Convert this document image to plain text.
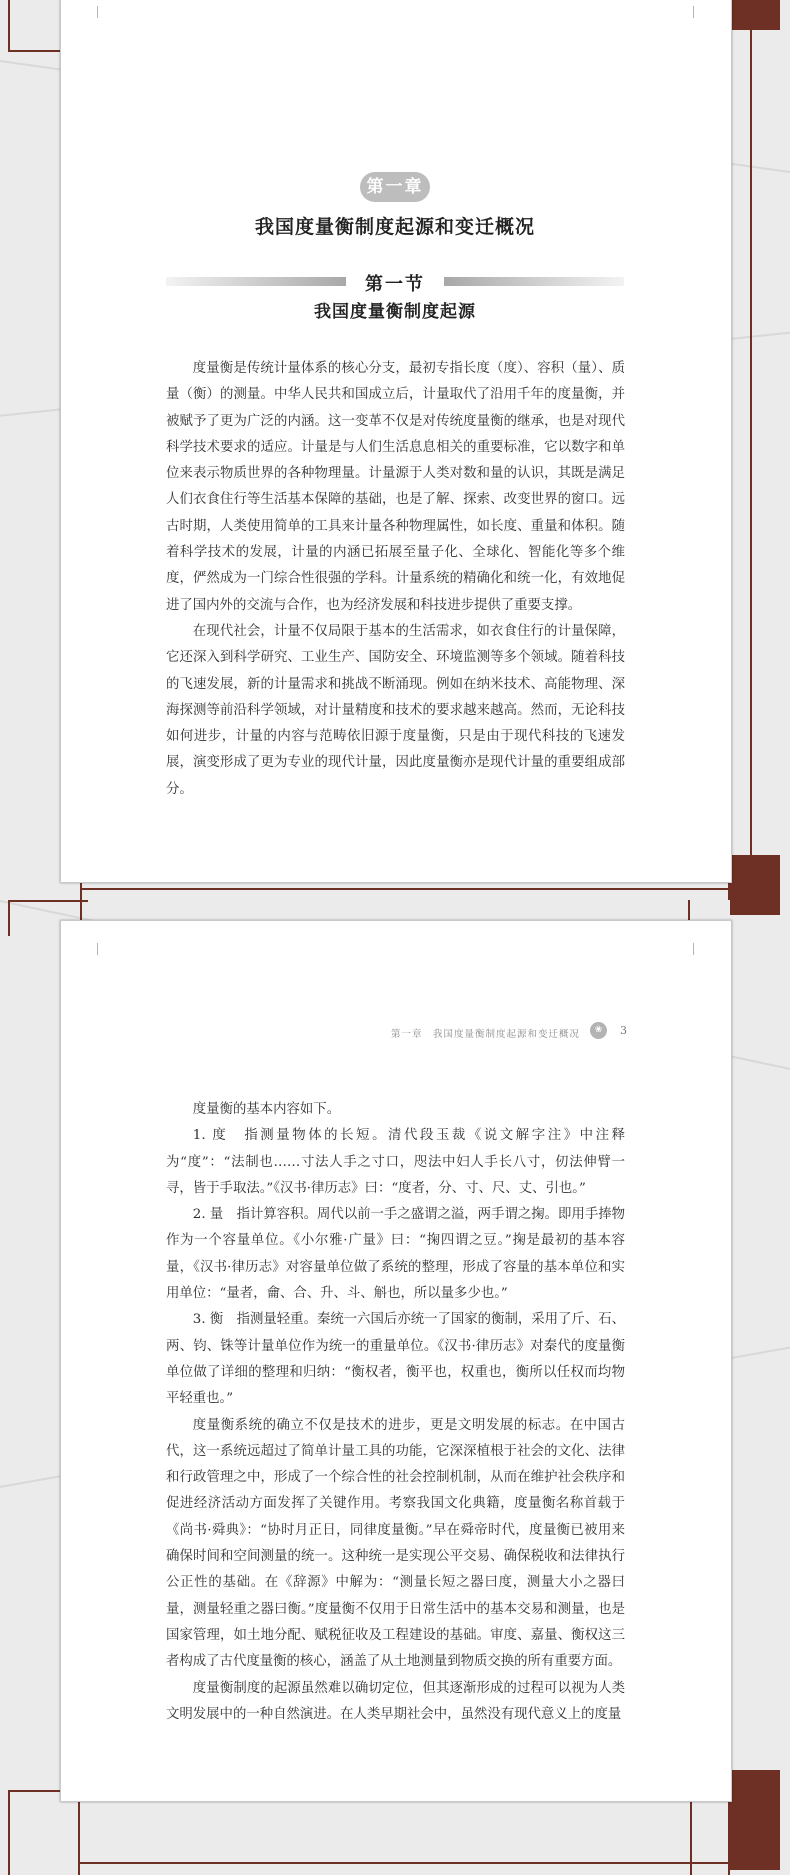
第一章
我国度量衡制度起源和变迁概况
第一节
我国度量衡制度起源

度量衡是传统计量体系的核心分支，最初专指长度（度）、容积（量）、质量（衡）的测量。中华人民共和国成立后，计量取代了沿用千年的度量衡，并被赋予了更为广泛的内涵。这一变革不仅是对传统度量衡的继承，也是对现代科学技术要求的适应。计量是与人们生活息息相关的重要标准，它以数字和单位来表示物质世界的各种物理量。计量源于人类对数和量的认识，其既是满足人们衣食住行等生活基本保障的基础，也是了解、探索、改变世界的窗口。远古时期，人类使用简单的工具来计量各种物理属性，如长度、重量和体积。随着科学技术的发展，计量的内涵已拓展至量子化、全球化、智能化等多个维度，俨然成为一门综合性很强的学科。计量系统的精确化和统一化，有效地促进了国内外的交流与合作，也为经济发展和科技进步提供了重要支撑。

在现代社会，计量不仅局限于基本的生活需求，如衣食住行的计量保障，它还深入到科学研究、工业生产、国防安全、环境监测等多个领域。随着科技的飞速发展，新的计量需求和挑战不断涌现。例如在纳米技术、高能物理、深海探测等前沿科学领域，对计量精度和技术的要求越来越高。然而，无论科技如何进步，计量的内容与范畴依旧源于度量衡，只是由于现代科技的飞速发展，演变形成了更为专业的现代计量，因此度量衡亦是现代计量的重要组成部分。

第一章　我国度量衡制度起源和变迁概况	❀	3

度量衡的基本内容如下。

1. 度　指测量物体的长短。清代段玉裁《说文解字注》中注释为“度”：“法制也……寸法人手之寸口，咫法中妇人手长八寸，仞法伸臂一寻，皆于手取法。”《汉书·律历志》曰：“度者，分、寸、尺、丈、引也。”

2. 量　指计算容积。周代以前一手之盛谓之溢，两手谓之掬。即用手捧物作为一个容量单位。《小尔雅·广量》曰：“掬四谓之豆。”掬是最初的基本容量，《汉书·律历志》对容量单位做了系统的整理，形成了容量的基本单位和实用单位：“量者，龠、合、升、斗、斛也，所以量多少也。”

3. 衡　指测量轻重。秦统一六国后亦统一了国家的衡制，采用了斤、石、两、钧、铢等计量单位作为统一的重量单位。《汉书·律历志》对秦代的度量衡单位做了详细的整理和归纳：“衡权者，衡平也，权重也，衡所以任权而均物平轻重也。”

度量衡系统的确立不仅是技术的进步，更是文明发展的标志。在中国古代，这一系统远超过了简单计量工具的功能，它深深植根于社会的文化、法律和行政管理之中，形成了一个综合性的社会控制机制，从而在维护社会秩序和促进经济活动方面发挥了关键作用。考察我国文化典籍，度量衡名称首载于《尚书·舜典》：“协时月正日，同律度量衡。”早在舜帝时代，度量衡已被用来确保时间和空间测量的统一。这种统一是实现公平交易、确保税收和法律执行公正性的基础。在《辞源》中解为：“测量长短之器曰度，测量大小之器曰量，测量轻重之器曰衡。”度量衡不仅用于日常生活中的基本交易和测量，也是国家管理，如土地分配、赋税征收及工程建设的基础。审度、嘉量、衡权这三者构成了古代度量衡的核心，涵盖了从土地测量到物质交换的所有重要方面。

度量衡制度的起源虽然难以确切定位，但其逐渐形成的过程可以视为人类文明发展中的一种自然演进。在人类早期社会中，虽然没有现代意义上的度量
